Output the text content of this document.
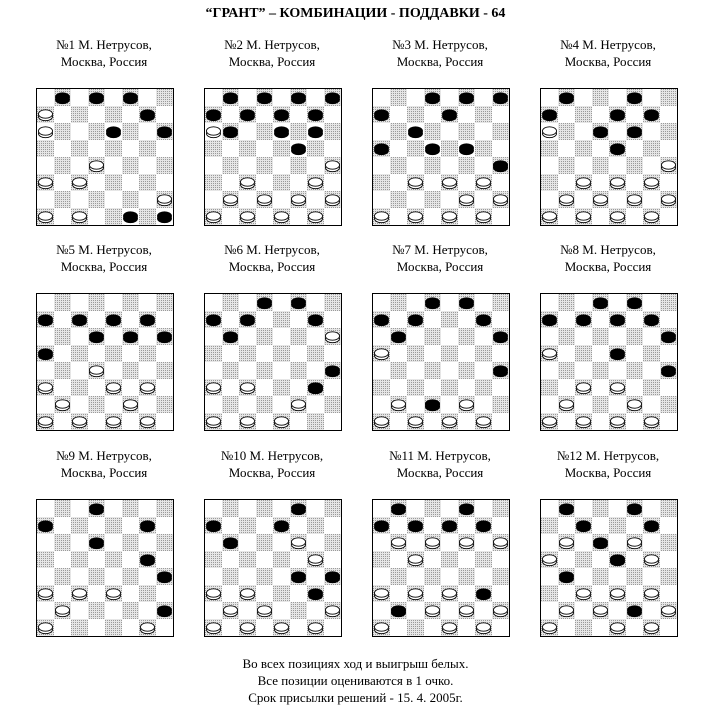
“ГРАНТ” – КОМБИНАЦИИ - ПОДДАВКИ - 64
№1 М. Нетрусов,
Москва, Россия
№2 М. Нетрусов,
Москва, Россия
№3 М. Нетрусов,
Москва, Россия
№4 М. Нетрусов,
Москва, Россия
№5 М. Нетрусов,
Москва, Россия
№6 М. Нетрусов,
Москва, Россия
№7 М. Нетрусов,
Москва, Россия
№8 М. Нетрусов,
Москва, Россия
№9 М. Нетрусов,
Москва, Россия
№10 М. Нетрусов,
Москва, Россия
№11 М. Нетрусов,
Москва, Россия
№12 М. Нетрусов,
Москва, Россия
Во всех позициях ход и выигрыш белых.
Все позиции оцениваются в 1 очко.
Срок присылки решений - 15. 4. 2005г.
